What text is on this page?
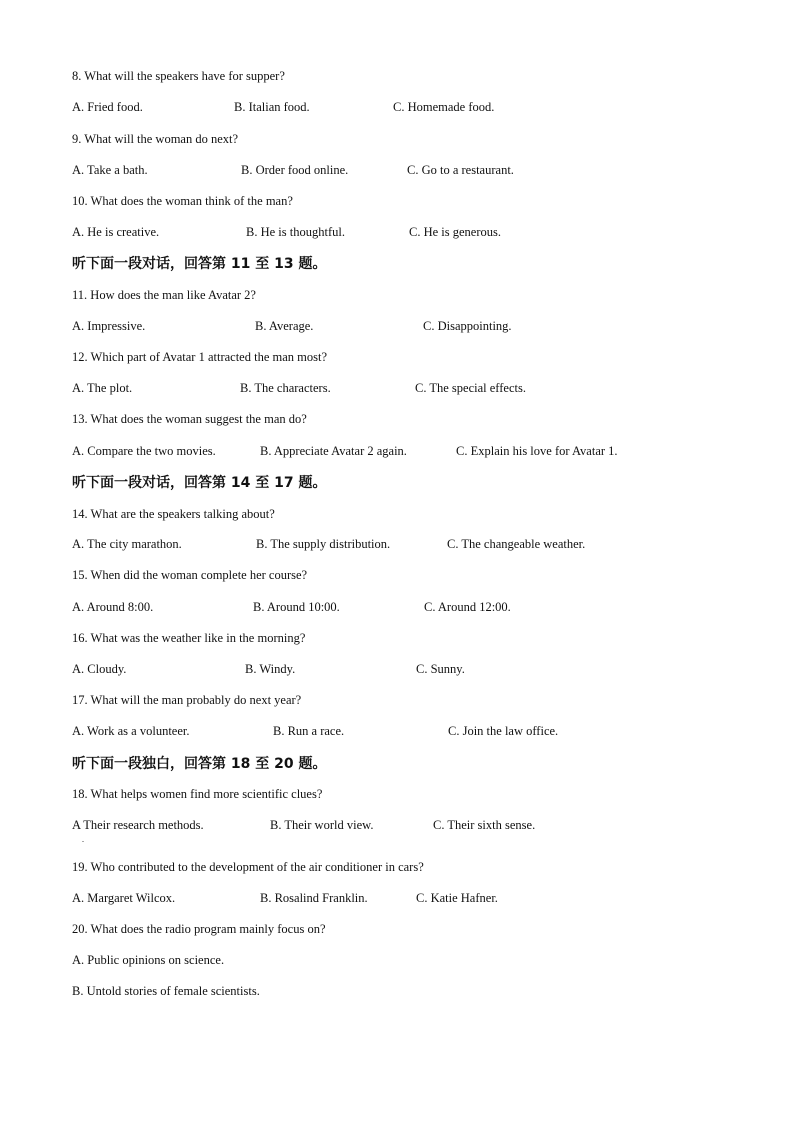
8. What will the speakers have for supper?
A. Fried food.	B. Italian food.	C. Homemade food.
9. What will the woman do next?
A. Take a bath.	B. Order food online.	C. Go to a restaurant.
10. What does the woman think of the man?
A. He is creative.	B. He is thoughtful.	C. He is generous.
听下面一段对话，回答第 11 至 13 题。
11. How does the man like Avatar 2?
A. Impressive.	B. Average.	C. Disappointing.
12. Which part of Avatar 1 attracted the man most?
A. The plot.	B. The characters.	C. The special effects.
13. What does the woman suggest the man do?
A. Compare the two movies.	B. Appreciate Avatar 2 again.	C. Explain his love for Avatar 1.
听下面一段对话，回答第 14 至 17 题。
14. What are the speakers talking about?
A. The city marathon.	B. The supply distribution.	C. The changeable weather.
15. When did the woman complete her course?
A. Around 8:00.	B. Around 10:00.	C. Around 12:00.
16. What was the weather like in the morning?
A. Cloudy.	B. Windy.	C. Sunny.
17. What will the man probably do next year?
A. Work as a volunteer.	B. Run a race.	C. Join the law office.
听下面一段独白，回答第 18 至 20 题。
18. What helps women find more scientific clues?
A Their research methods.	B. Their world view.	C. Their sixth sense.
.
19. Who contributed to the development of the air conditioner in cars?
A. Margaret Wilcox.	B. Rosalind Franklin.	C. Katie Hafner.
20. What does the radio program mainly focus on?
A. Public opinions on science.
B. Untold stories of female scientists.
